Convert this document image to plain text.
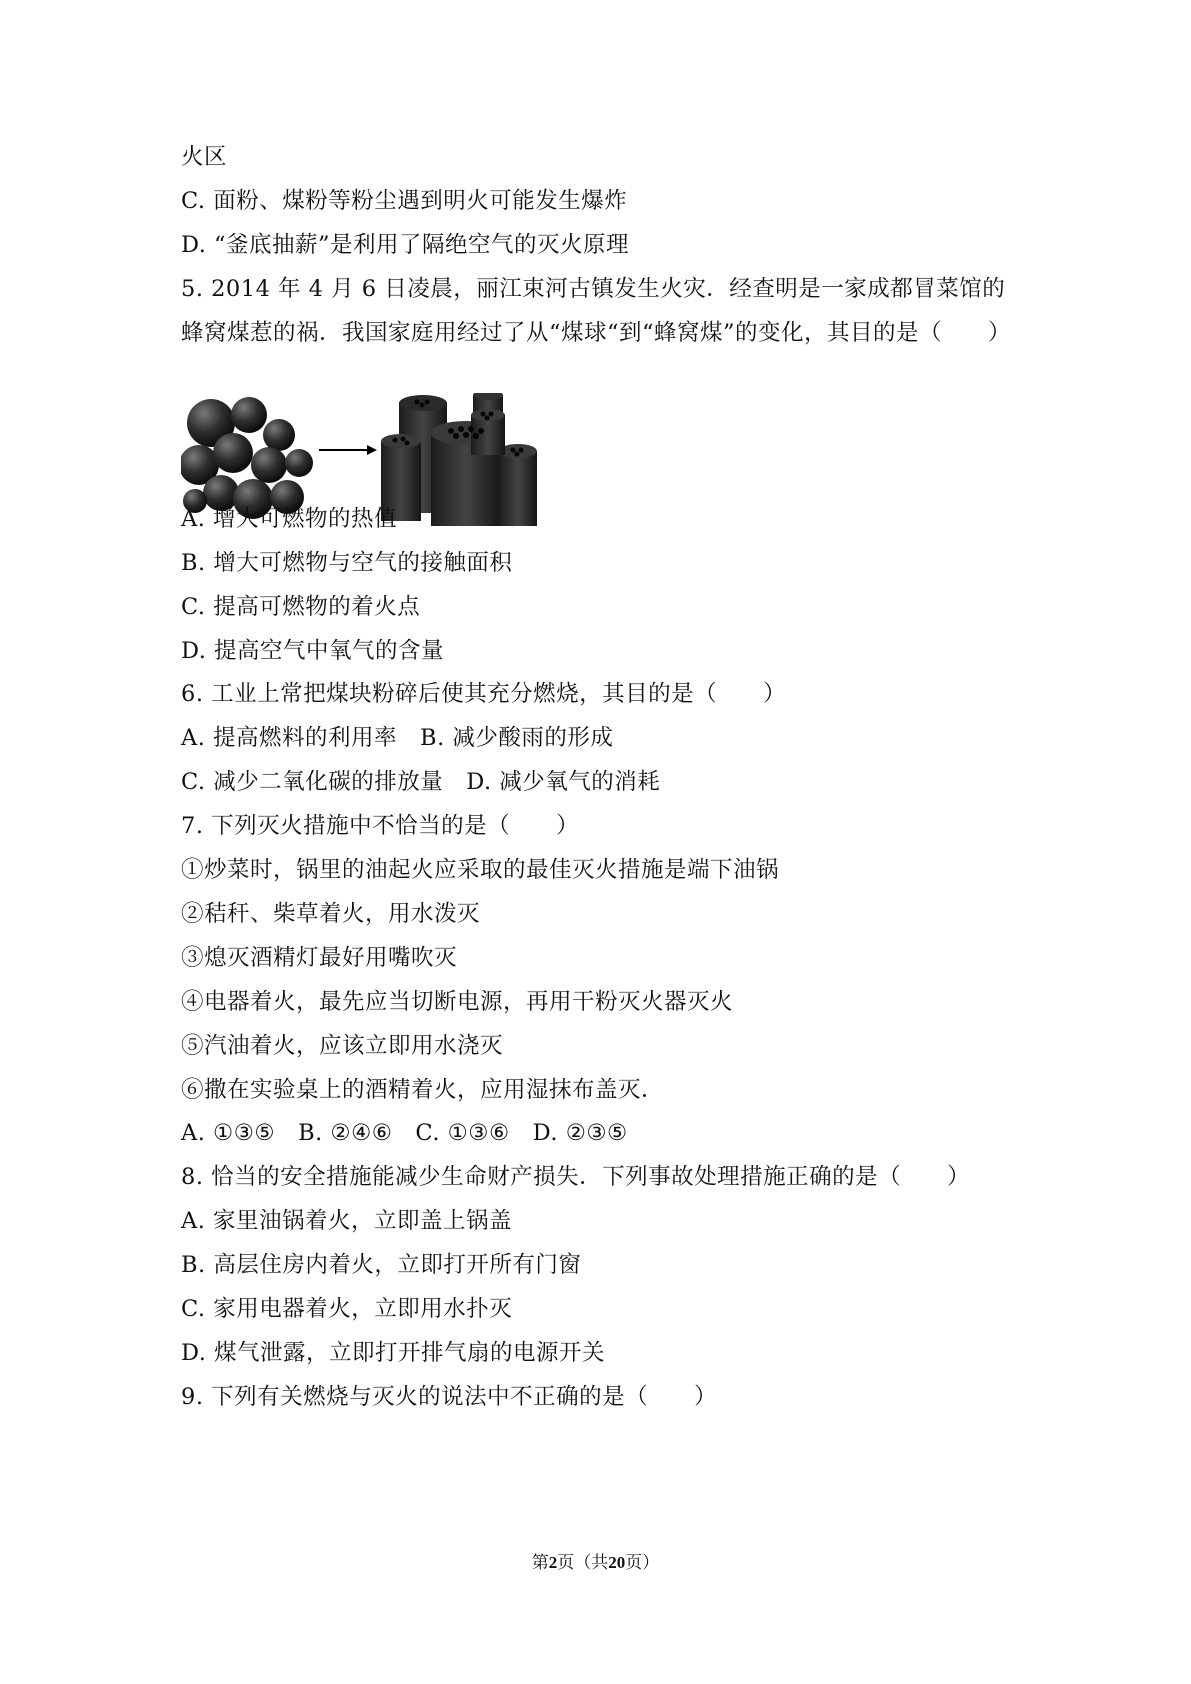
火区
C. 面粉、煤粉等粉尘遇到明火可能发生爆炸
D. “釜底抽薪”是利用了隔绝空气的灭火原理
5. 2014 年 4 月 6 日凌晨，丽江束河古镇发生火灾．经查明是一家成都冒菜馆的
蜂窝煤惹的祸．我国家庭用经过了从“煤球“到“蜂窝煤”的变化，其目的是（　　）
A. 增大可燃物的热值
B. 增大可燃物与空气的接触面积
C. 提高可燃物的着火点
D. 提高空气中氧气的含量
6. 工业上常把煤块粉碎后使其充分燃烧，其目的是（　　）
A. 提高燃料的利用率　B. 减少酸雨的形成
C. 减少二氧化碳的排放量　D. 减少氧气的消耗
7. 下列灭火措施中不恰当的是（　　）
①炒菜时，锅里的油起火应采取的最佳灭火措施是端下油锅
②秸秆、柴草着火，用水泼灭
③熄灭酒精灯最好用嘴吹灭
④电器着火，最先应当切断电源，再用干粉灭火器灭火
⑤汽油着火，应该立即用水浇灭
⑥撒在实验桌上的酒精着火，应用湿抹布盖灭．
A. ①③⑤　B. ②④⑥　C. ①③⑥　D. ②③⑤
8. 恰当的安全措施能减少生命财产损失．下列事故处理措施正确的是（　　）
A. 家里油锅着火，立即盖上锅盖
B. 高层住房内着火，立即打开所有门窗
C. 家用电器着火，立即用水扑灭
D. 煤气泄露，立即打开排气扇的电源开关
9. 下列有关燃烧与灭火的说法中不正确的是（　　）
第2页（共20页）
